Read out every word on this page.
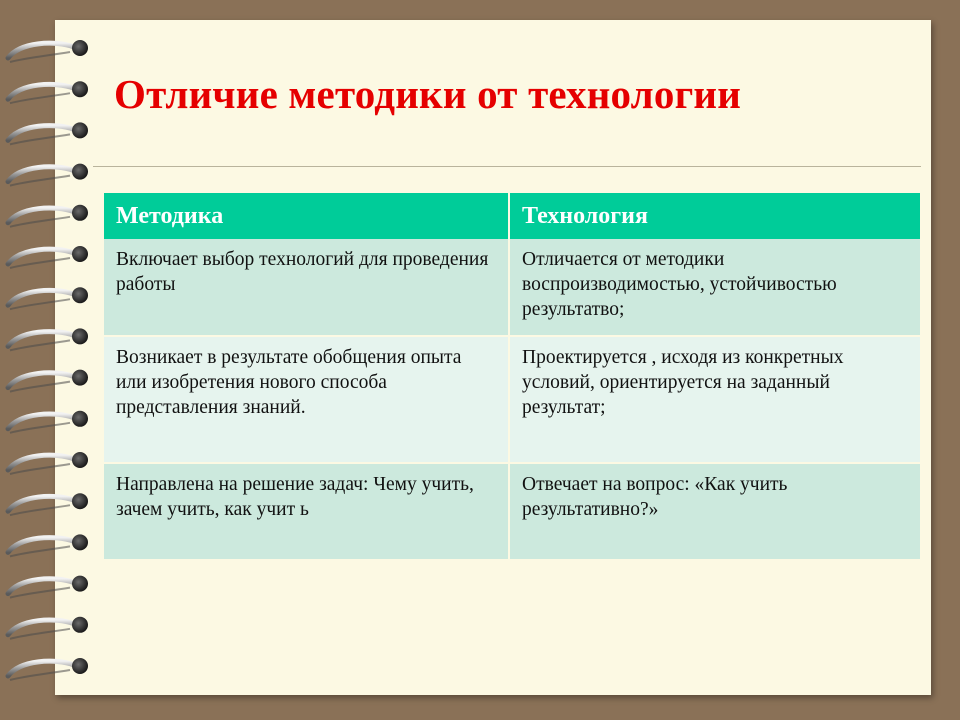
Отличие методики от технологии
Методика	Технология
Включает выбор технологий для проведения работы	Отличается от методики воспроизводимостью, устойчивостью результатво;
Возникает в результате обобщения опыта или изобретения нового способа представления знаний.	Проектируется , исходя из конкретных условий, ориентируется на заданный результат;
Направлена на решение задач: Чему учить, зачем учить, как учит ь	Отвечает на вопрос: «Как учить результативно?»
